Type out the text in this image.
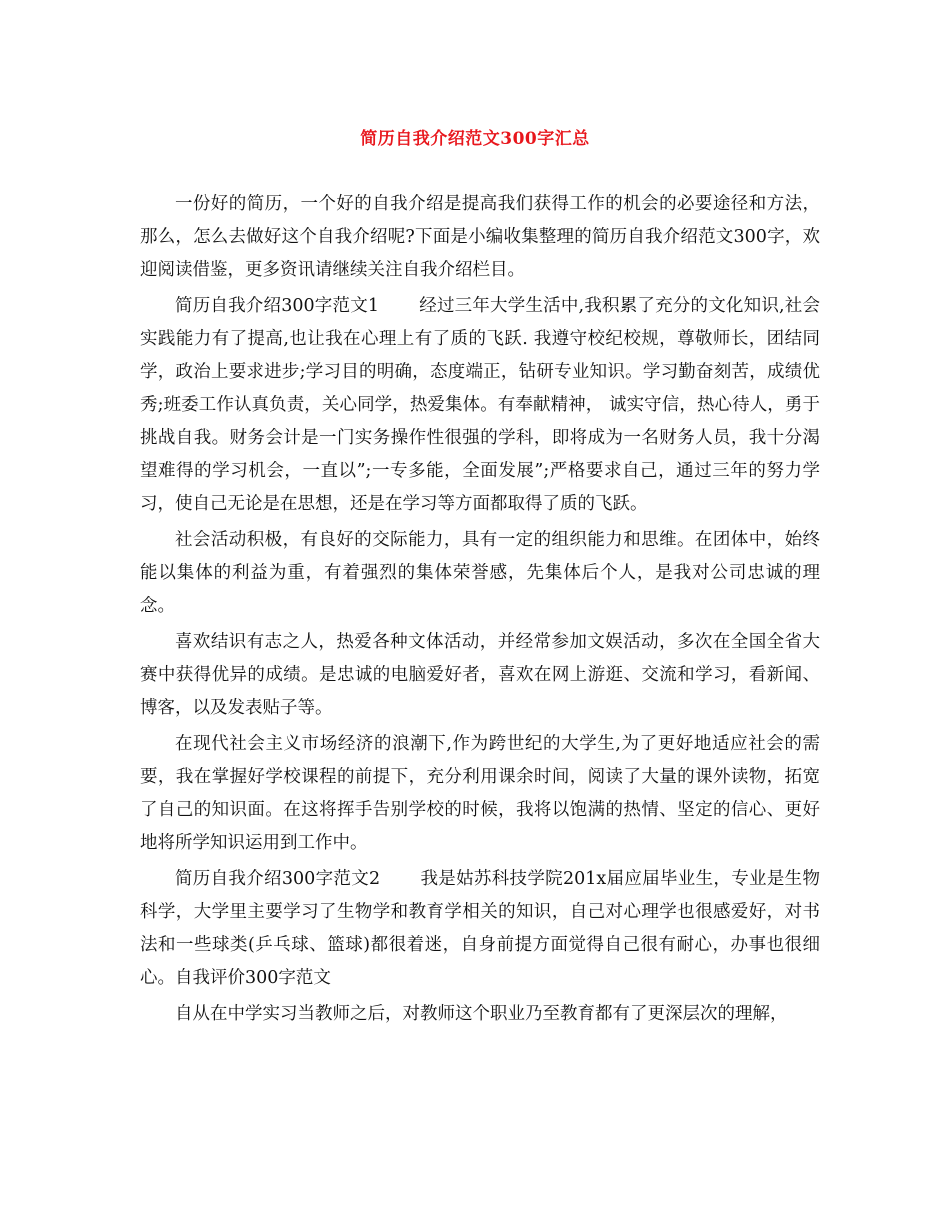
简历自我介绍范文300字汇总

一份好的简历，一个好的自我介绍是提高我们获得工作的机会的必要途径和方法，那么，怎么去做好这个自我介绍呢?下面是小编收集整理的简历自我介绍范文300字，欢迎阅读借鉴，更多资讯请继续关注自我介绍栏目。

简历自我介绍300字范文1 经过三年大学生活中,我积累了充分的文化知识,社会实践能力有了提高,也让我在心理上有了质的飞跃. 我遵守校纪校规，尊敬师长，团结同学，政治上要求进步;学习目的明确，态度端正，钻研专业知识。学习勤奋刻苦，成绩优秀;班委工作认真负责，关心同学，热爱集体。有奉献精神， 诚实守信，热心待人，勇于挑战自我。财务会计是一门实务操作性很强的学科，即将成为一名财务人员，我十分渴望难得的学习机会，一直以”;一专多能，全面发展”;严格要求自己，通过三年的努力学习，使自己无论是在思想，还是在学习等方面都取得了质的飞跃。

社会活动积极，有良好的交际能力，具有一定的组织能力和思维。在团体中，始终能以集体的利益为重，有着强烈的集体荣誉感，先集体后个人，是我对公司忠诚的理念。

喜欢结识有志之人，热爱各种文体活动，并经常参加文娱活动，多次在全国全省大赛中获得优异的成绩。是忠诚的电脑爱好者，喜欢在网上游逛、交流和学习，看新闻、博客，以及发表贴子等。

在现代社会主义市场经济的浪潮下,作为跨世纪的大学生,为了更好地适应社会的需要，我在掌握好学校课程的前提下，充分利用课余时间，阅读了大量的课外读物，拓宽了自己的知识面。在这将挥手告别学校的时候，我将以饱满的热情、坚定的信心、更好地将所学知识运用到工作中。

简历自我介绍300字范文2 我是姑苏科技学院201x届应届毕业生，专业是生物科学，大学里主要学习了生物学和教育学相关的知识，自己对心理学也很感爱好，对书法和一些球类(乒乓球、篮球)都很着迷，自身前提方面觉得自己很有耐心，办事也很细心。自我评价300字范文

自从在中学实习当教师之后，对教师这个职业乃至教育都有了更深层次的理解，
